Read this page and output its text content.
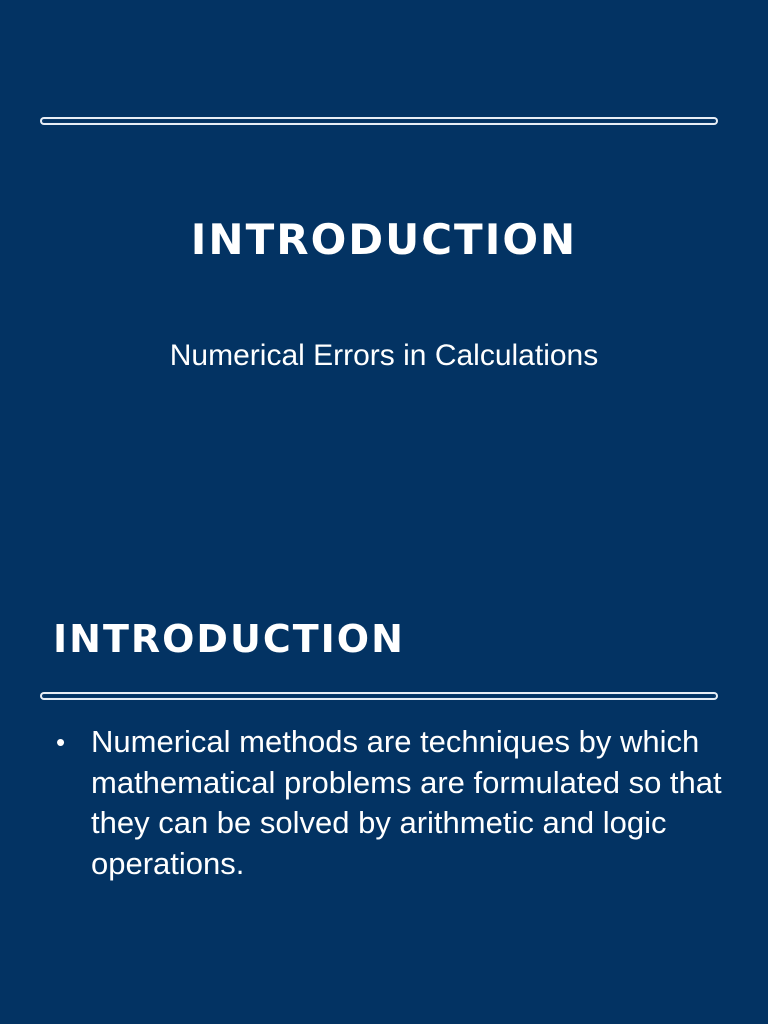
INTRODUCTION
Numerical Errors in Calculations
INTRODUCTION
• Numerical methods are techniques by which mathematical problems are formulated so that they can be solved by arithmetic and logic operations.
